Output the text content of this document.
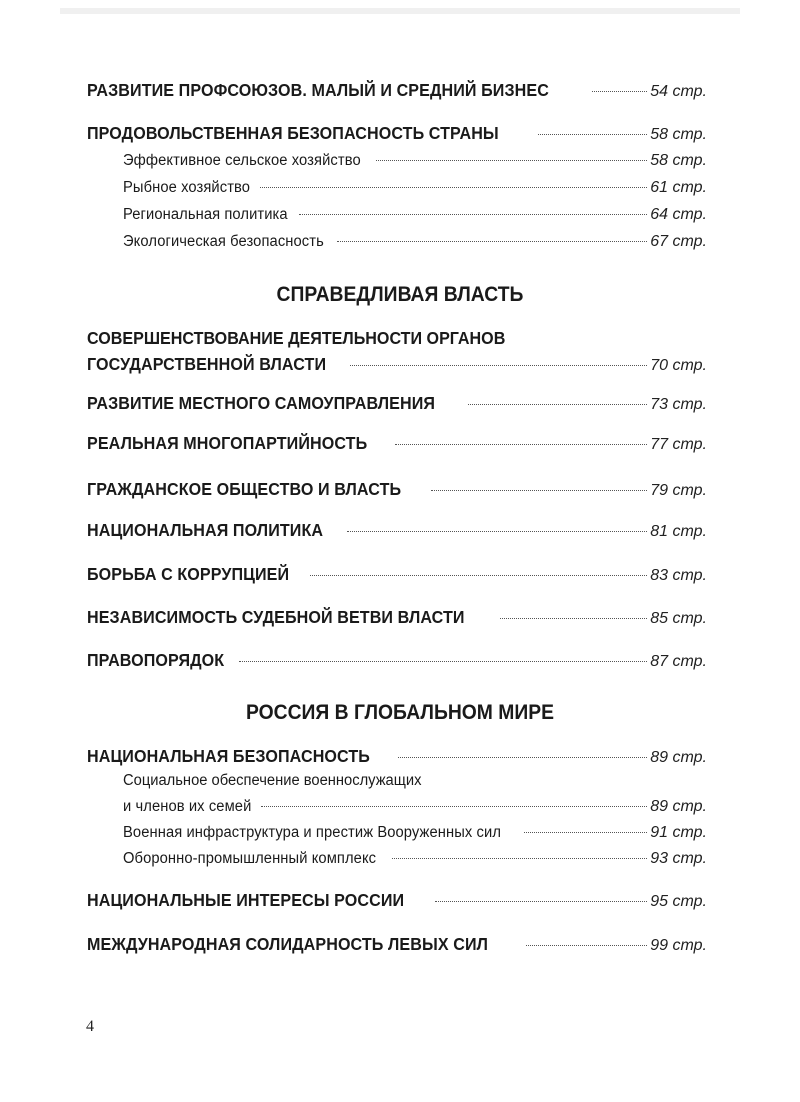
РАЗВИТИЕ ПРОФСОЮЗОВ. МАЛЫЙ И СРЕДНИЙ БИЗНЕС	54 стр.
ПРОДОВОЛЬСТВЕННАЯ БЕЗОПАСНОСТЬ СТРАНЫ	58 стр.
Эффективное сельское хозяйство	58 стр.
Рыбное хозяйство	61 стр.
Региональная политика	64 стр.
Экологическая безопасность	67 стр.
СПРАВЕДЛИВАЯ ВЛАСТЬ
СОВЕРШЕНСТВОВАНИЕ ДЕЯТЕЛЬНОСТИ ОРГАНОВ
ГОСУДАРСТВЕННОЙ ВЛАСТИ	70 стр.
РАЗВИТИЕ МЕСТНОГО САМОУПРАВЛЕНИЯ	73 стр.
РЕАЛЬНАЯ МНОГОПАРТИЙНОСТЬ	77 стр.
ГРАЖДАНСКОЕ ОБЩЕСТВО И ВЛАСТЬ	79 стр.
НАЦИОНАЛЬНАЯ ПОЛИТИКА	81 стр.
БОРЬБА С КОРРУПЦИЕЙ	83 стр.
НЕЗАВИСИМОСТЬ СУДЕБНОЙ ВЕТВИ ВЛАСТИ	85 стр.
ПРАВОПОРЯДОК	87 стр.
РОССИЯ В ГЛОБАЛЬНОМ МИРЕ
НАЦИОНАЛЬНАЯ БЕЗОПАСНОСТЬ	89 стр.
Социальное обеспечение военнослужащих
и членов их семей	89 стр.
Военная инфраструктура и престиж Вооруженных сил	91 стр.
Оборонно-промышленный комплекс	93 стр.
НАЦИОНАЛЬНЫЕ ИНТЕРЕСЫ РОССИИ	95 стр.
МЕЖДУНАРОДНАЯ СОЛИДАРНОСТЬ ЛЕВЫХ СИЛ	99 стр.
4
